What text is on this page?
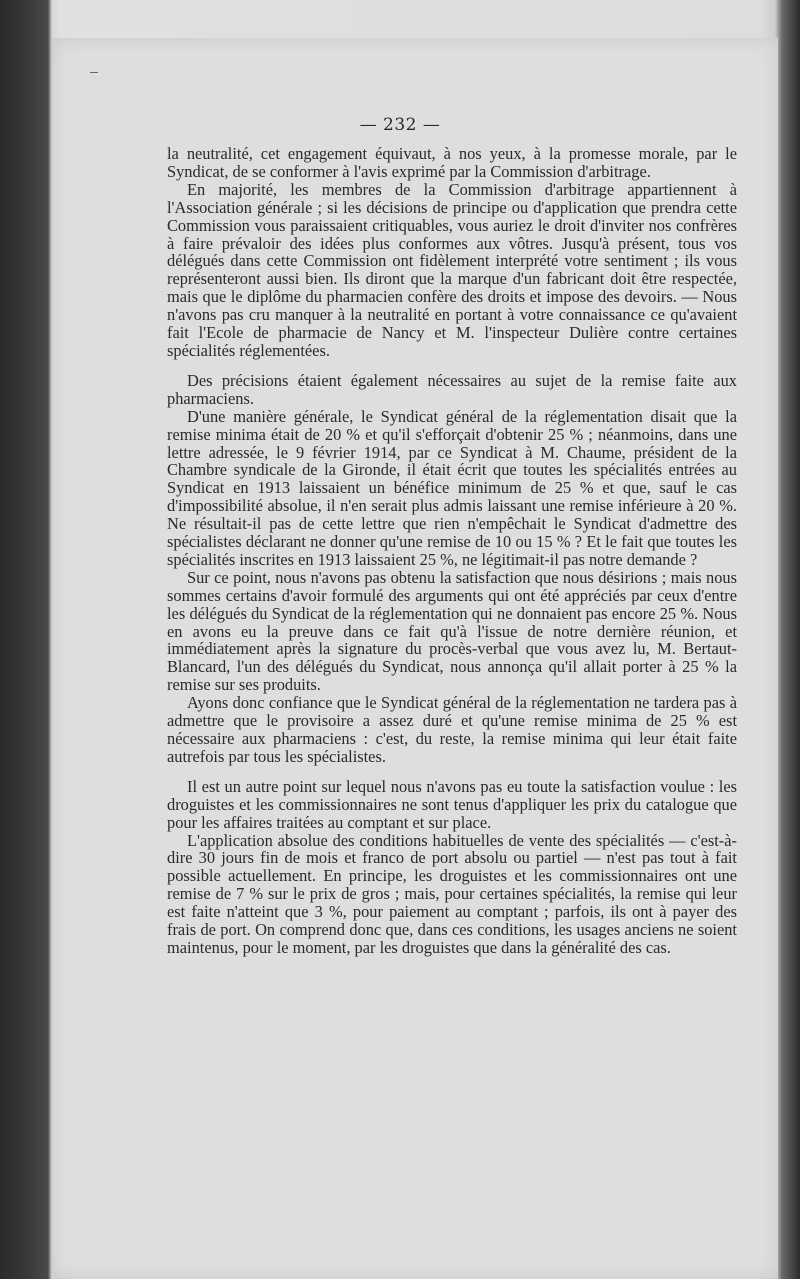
— 232 —

la neutralité, cet engagement équivaut, à nos yeux, à la promesse morale, par le Syndicat, de se conformer à l'avis exprimé par la Commission d'arbitrage.

En majorité, les membres de la Commission d'arbitrage appartiennent à l'Association générale ; si les décisions de principe ou d'application que prendra cette Commission vous paraissaient critiquables, vous auriez le droit d'inviter nos confrères à faire prévaloir des idées plus conformes aux vôtres. Jusqu'à présent, tous vos délégués dans cette Commission ont fidèlement interprété votre sentiment ; ils vous représenteront aussi bien. Ils diront que la marque d'un fabricant doit être respectée, mais que le diplôme du pharmacien confère des droits et impose des devoirs. — Nous n'avons pas cru manquer à la neutralité en portant à votre connaissance ce qu'avaient fait l'Ecole de pharmacie de Nancy et M. l'inspecteur Dulière contre certaines spécialités réglementées.

Des précisions étaient également nécessaires au sujet de la remise faite aux pharmaciens.

D'une manière générale, le Syndicat général de la réglementation disait que la remise minima était de 20 % et qu'il s'efforçait d'obtenir 25 % ; néanmoins, dans une lettre adressée, le 9 février 1914, par ce Syndicat à M. Chaume, président de la Chambre syndicale de la Gironde, il était écrit que toutes les spécialités entrées au Syndicat en 1913 laissaient un bénéfice minimum de 25 % et que, sauf le cas d'impossibilité absolue, il n'en serait plus admis laissant une remise inférieure à 20 %. Ne résultait-il pas de cette lettre que rien n'empêchait le Syndicat d'admettre des spécialistes déclarant ne donner qu'une remise de 10 ou 15 % ? Et le fait que toutes les spécialités inscrites en 1913 laissaient 25 %, ne légitimait-il pas notre demande ?

Sur ce point, nous n'avons pas obtenu la satisfaction que nous désirions ; mais nous sommes certains d'avoir formulé des arguments qui ont été appréciés par ceux d'entre les délégués du Syndicat de la réglementation qui ne donnaient pas encore 25 %. Nous en avons eu la preuve dans ce fait qu'à l'issue de notre dernière réunion, et immédiatement après la signature du procès-verbal que vous avez lu, M. Bertaut-Blancard, l'un des délégués du Syndicat, nous annonça qu'il allait porter à 25 % la remise sur ses produits.

Ayons donc confiance que le Syndicat général de la réglementation ne tardera pas à admettre que le provisoire a assez duré et qu'une remise minima de 25 % est nécessaire aux pharmaciens : c'est, du reste, la remise minima qui leur était faite autrefois par tous les spécialistes.

Il est un autre point sur lequel nous n'avons pas eu toute la satisfaction voulue : les droguistes et les commissionnaires ne sont tenus d'appliquer les prix du catalogue que pour les affaires traitées au comptant et sur place.

L'application absolue des conditions habituelles de vente des spécialités — c'est-à-dire 30 jours fin de mois et franco de port absolu ou partiel — n'est pas tout à fait possible actuellement. En principe, les droguistes et les commissionnaires ont une remise de 7 % sur le prix de gros ; mais, pour certaines spécialités, la remise qui leur est faite n'atteint que 3 %, pour paiement au comptant ; parfois, ils ont à payer des frais de port. On comprend donc que, dans ces conditions, les usages anciens ne soient maintenus, pour le moment, par les droguistes que dans la généralité des cas.
